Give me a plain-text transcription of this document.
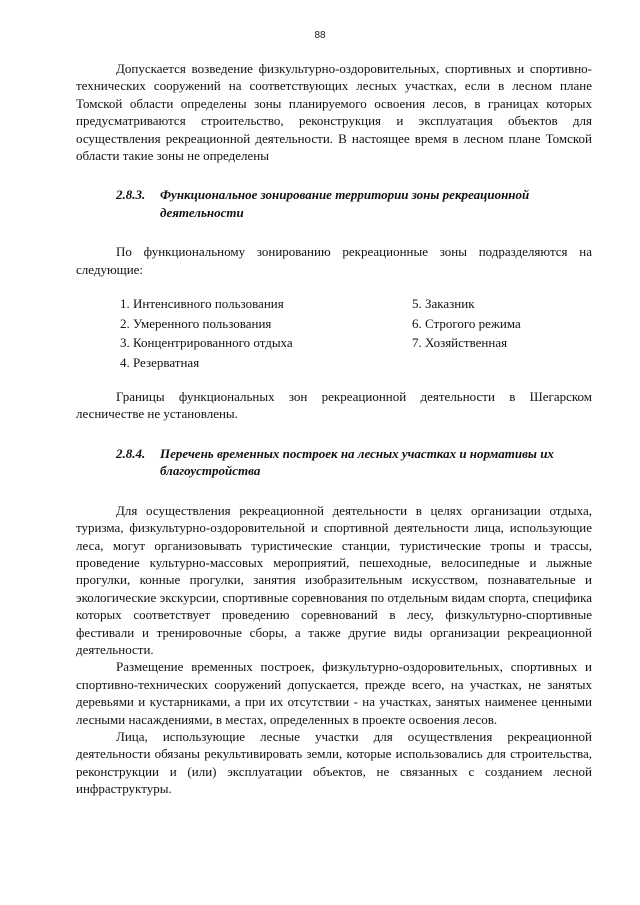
88

Допускается возведение физкультурно-оздоровительных, спортивных и спортивно-технических сооружений на соответствующих лесных участках, если в лесном плане Томской области определены зоны планируемого освоения лесов, в границах которых предусматриваются строительство, реконструкция и эксплуатация объектов для осуществления рекреационной деятельности. В настоящее время в лесном плане Томской области такие зоны не определены

2.8.3.	Функциональное зонирование территории зоны рекреационной деятельности

По функциональному зонированию рекреационные зоны подразделяются на следующие:

1. Интенсивного пользования
2. Умеренного пользования
3. Концентрированного отдыха
4. Резерватная
5. Заказник
6. Строгого режима
7. Хозяйственная

Границы функциональных зон рекреационной деятельности в Шегарском лесничестве не установлены.

2.8.4.	Перечень временных построек на лесных участках и нормативы их благоустройства

Для осуществления рекреационной деятельности в целях организации отдыха, туризма, физкультурно-оздоровительной и спортивной деятельности лица, использующие леса, могут организовывать туристические станции, туристические тропы и трассы, проведение культурно-массовых мероприятий, пешеходные, велосипедные и лыжные прогулки, конные прогулки, занятия изобразительным искусством, познавательные и экологические экскурсии, спортивные соревнования по отдельным видам спорта, специфика которых соответствует проведению соревнований в лесу, физкультурно-спортивные фестивали и тренировочные сборы, а также другие виды организации рекреационной деятельности.

Размещение временных построек, физкультурно-оздоровительных, спортивных и спортивно-технических сооружений допускается, прежде всего, на участках, не занятых деревьями и кустарниками, а при их отсутствии - на участках, занятых наименее ценными лесными насаждениями, в местах, определенных в проекте освоения лесов.

Лица, использующие лесные участки для осуществления рекреационной деятельности обязаны рекультивировать земли, которые использовались для строительства, реконструкции и (или) эксплуатации объектов, не связанных с созданием лесной инфраструктуры.
